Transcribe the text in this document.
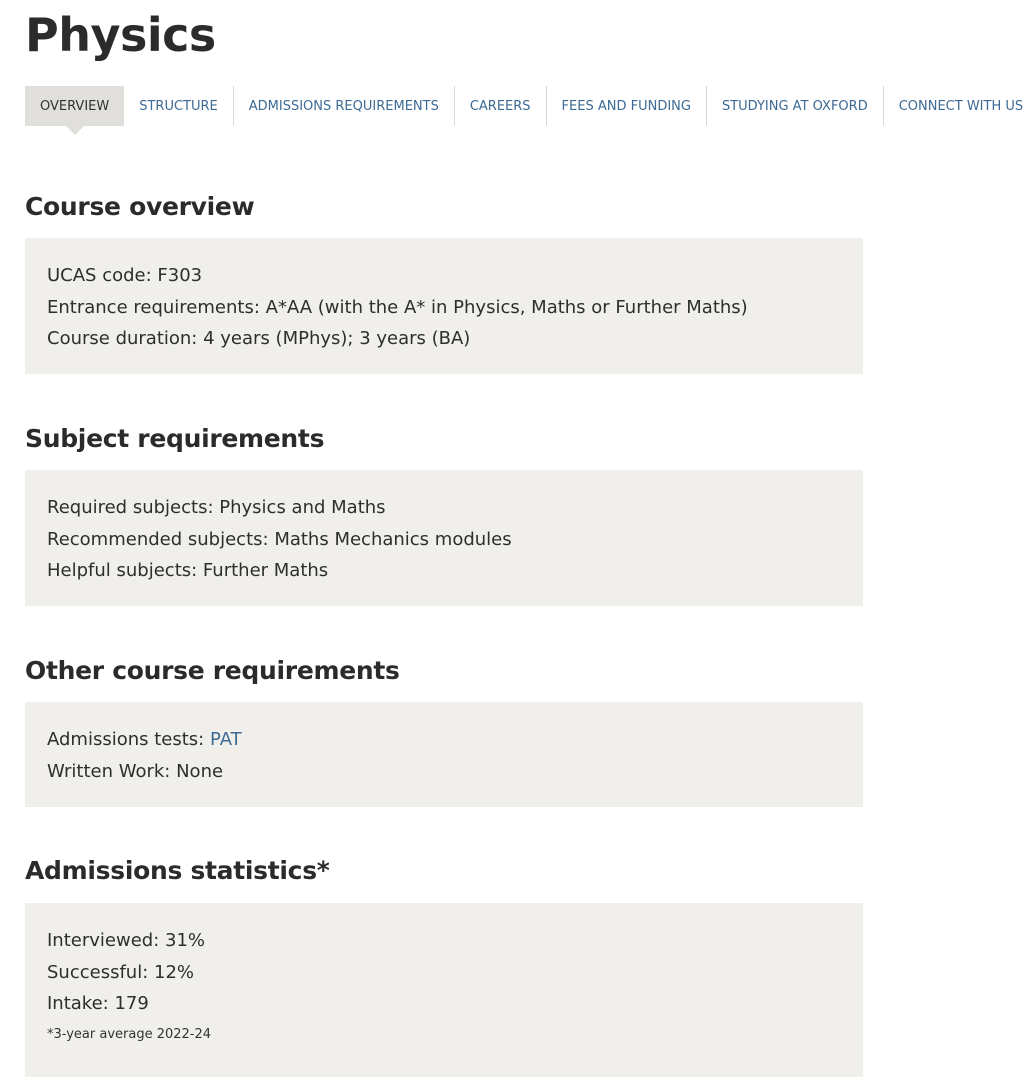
Physics
OVERVIEW	STRUCTURE	ADMISSIONS REQUIREMENTS	CAREERS	FEES AND FUNDING	STUDYING AT OXFORD	CONNECT WITH US
Course overview
UCAS code: F303
Entrance requirements: A*AA (with the A* in Physics, Maths or Further Maths)
Course duration: 4 years (MPhys); 3 years (BA)
Subject requirements
Required subjects: Physics and Maths
Recommended subjects: Maths Mechanics modules
Helpful subjects: Further Maths
Other course requirements
Admissions tests: PAT
Written Work: None
Admissions statistics*
Interviewed: 31%
Successful: 12%
Intake: 179
*3-year average 2022-24
